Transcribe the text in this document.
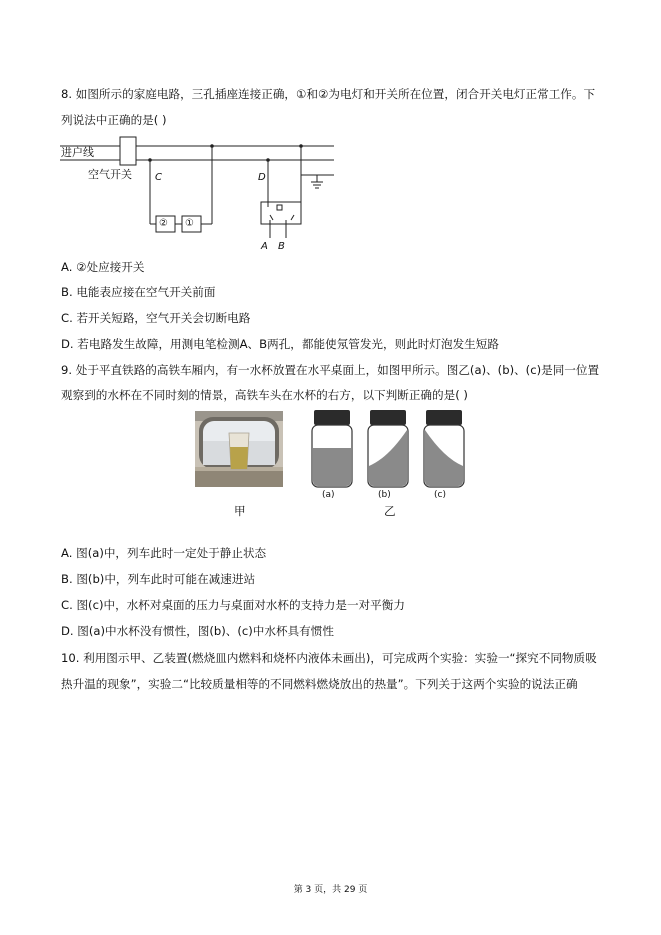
8. 如图所示的家庭电路，三孔插座连接正确，①和②为电灯和开关所在位置，闭合开关电灯正常工作。下
列说法中正确的是( )
进户线
空气开关 C	D
A B
② ①
A. ②处应接开关
B. 电能表应接在空气开关前面
C. 若开关短路，空气开关会切断电路
D. 若电路发生故障，用测电笔检测A、B两孔，都能使氖管发光，则此时灯泡发生短路
9. 处于平直铁路的高铁车厢内，有一水杯放置在水平桌面上，如图甲所示。图乙(a)、(b)、(c)是同一位置
观察到的水杯在不同时刻的情景，高铁车头在水杯的右方，以下判断正确的是( )
(a)	(b)	(c)
甲	乙
A. 图(a)中，列车此时一定处于静止状态
B. 图(b)中，列车此时可能在减速进站
C. 图(c)中，水杯对桌面的压力与桌面对水杯的支持力是一对平衡力
D. 图(a)中水杯没有惯性，图(b)、(c)中水杯具有惯性
10. 利用图示甲、乙装置(燃烧皿内燃料和烧杯内液体未画出)，可完成两个实验：实验一“探究不同物质吸
热升温的现象”，实验二“比较质量相等的不同燃料燃烧放出的热量”。下列关于这两个实验的说法正确
第 3 页，共 29 页
